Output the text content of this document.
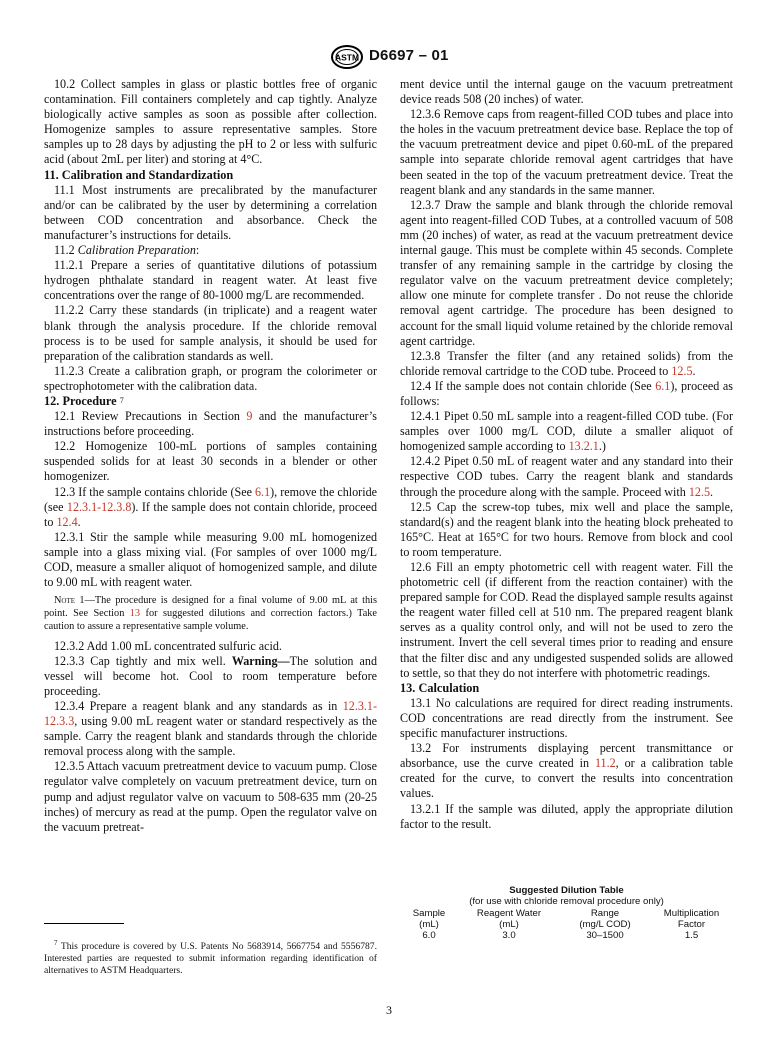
ASTM D6697 – 01

10.2 Collect samples in glass or plastic bottles free of organic contamination. Fill containers completely and cap tightly. Analyze biologically active samples as soon as possible after collection. Homogenize samples to assure representative samples. Store samples up to 28 days by adjusting the pH to 2 or less with sulfuric acid (about 2mL per liter) and storing at 4°C.

11. Calibration and Standardization

11.1 Most instruments are precalibrated by the manufacturer and/or can be calibrated by the user by determining a correlation between COD concentration and absorbance. Check the manufacturer’s instructions for details.

11.2 Calibration Preparation:

11.2.1 Prepare a series of quantitative dilutions of potassium hydrogen phthalate standard in reagent water. At least five concentrations over the range of 80-1000 mg/L are recommended.

11.2.2 Carry these standards (in triplicate) and a reagent water blank through the analysis procedure. If the chloride removal process is to be used for sample analysis, it should be used for preparation of the calibration standards as well.

11.2.3 Create a calibration graph, or program the colorimeter or spectrophotometer with the calibration data.

12. Procedure $^7$

12.1 Review Precautions in Section 9 and the manufacturer’s instructions before proceeding.

12.2 Homogenize 100-mL portions of samples containing suspended solids for at least 30 seconds in a blender or other homogenizer.

12.3 If the sample contains chloride (See 6.1), remove the chloride (see 12.3.1-12.3.8). If the sample does not contain chloride, proceed to 12.4.

12.3.1 Stir the sample while measuring 9.00 mL homogenized sample into a glass mixing vial. (For samples of over 1000 mg/L COD, measure a smaller aliquot of homogenized sample, and dilute to 9.00 mL with reagent water.

Note 1—The procedure is designed for a final volume of 9.00 mL at this point. See Section 13 for suggested dilutions and correction factors.) Take caution to assure a representative sample volume.

12.3.2 Add 1.00 mL concentrated sulfuric acid.

12.3.3 Cap tightly and mix well. Warning—The solution and vessel will become hot. Cool to room temperature before proceeding.

12.3.4 Prepare a reagent blank and any standards as in 12.3.1-12.3.3, using 9.00 mL reagent water or standard respectively as the sample. Carry the reagent blank and standards through the chloride removal process along with the sample.

12.3.5 Attach vacuum pretreatment device to vacuum pump. Close regulator valve completely on vacuum pretreatment device, turn on pump and adjust regulator valve on vacuum to 508-635 mm (20-25 inches) of mercury as read at the pump. Open the regulator valve on the vacuum pretreat-

ment device until the internal gauge on the vacuum pretreatment device reads 508 (20 inches) of water.

12.3.6 Remove caps from reagent-filled COD tubes and place into the holes in the vacuum pretreatment device base. Replace the top of the vacuum pretreatment device and pipet 0.60-mL of the prepared sample into separate chloride removal agent cartridges that have been seated in the top of the vacuum pretreatment device. Treat the reagent blank and any standards in the same manner.

12.3.7 Draw the sample and blank through the chloride removal agent into reagent-filled COD Tubes, at a controlled vacuum of 508 mm (20 inches) of water, as read at the vacuum pretreatment device internal gauge. This must be complete within 45 seconds. Complete transfer of any remaining sample in the cartridge by closing the regulator valve on the vacuum pretreatment device completely; allow one minute for complete transfer . Do not reuse the chloride removal agent cartridge. The procedure has been designed to account for the small liquid volume retained by the chloride removal agent cartridge.

12.3.8 Transfer the filter (and any retained solids) from the chloride removal cartridge to the COD tube. Proceed to 12.5.

12.4 If the sample does not contain chloride (See 6.1), proceed as follows:

12.4.1 Pipet 0.50 mL sample into a reagent-filled COD tube. (For samples over 1000 mg/L COD, dilute a smaller aliquot of homogenized sample according to 13.2.1.)

12.4.2 Pipet 0.50 mL of reagent water and any standard into their respective COD tubes. Carry the reagent blank and standards through the procedure along with the sample. Proceed with 12.5.

12.5 Cap the screw-top tubes, mix well and place the sample, standard(s) and the reagent blank into the heating block preheated to 165°C. Heat at 165°C for two hours. Remove from block and cool to room temperature.

12.6 Fill an empty photometric cell with reagent water. Fill the photometric cell (if different from the reaction container) with the prepared sample for COD. Read the displayed sample results against the reagent water filled cell at 510 nm. The prepared reagent blank serves as a quality control only, and will not be used to zero the instrument. Invert the cell several times prior to reading and ensure that the filter disc and any undigested suspended solids are allowed to settle, so that they do not interfere with photometric readings.

13. Calculation

13.1 No calculations are required for direct reading instruments. COD concentrations are read directly from the instrument. See specific manufacturer instructions.

13.2 For instruments displaying percent transmittance or absorbance, use the curve created in 11.2, or a calibration table created for the curve, to convert the results into concentration values.

13.2.1 If the sample was diluted, apply the appropriate dilution factor to the result.

Suggested Dilution Table
(for use with chloride removal procedure only)
Sample	Reagent Water	Range	Multiplication
(mL)	(mL)	(mg/L COD)	Factor
6.0	3.0	30–1500	1.5
$^7$ This procedure is covered by U.S. Patents No 5683914, 5667754 and 5556787. Interested parties are requested to submit information regarding identification of alternatives to ASTM Headquarters.
3
